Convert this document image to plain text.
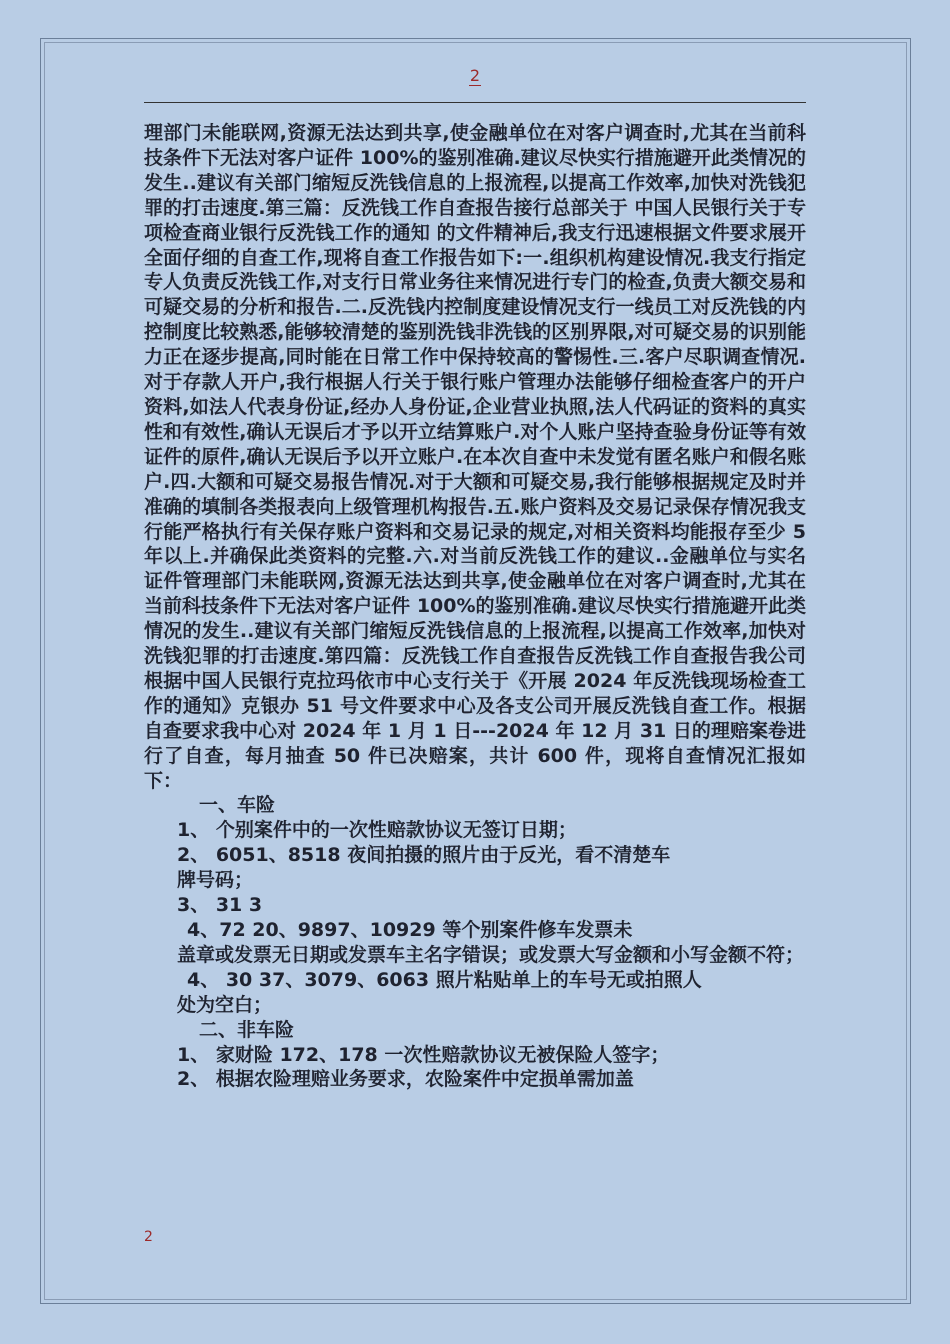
2

理部门未能联网,资源无法达到共享,使金融单位在对客户调查时,尤其在当前科技条件下无法对客户证件 100%的鉴别准确.建议尽快实行措施避开此类情况的发生..建议有关部门缩短反洗钱信息的上报流程,以提高工作效率,加快对洗钱犯罪的打击速度.第三篇：反洗钱工作自查报告接行总部关于 中国人民银行关于专项检查商业银行反洗钱工作的通知 的文件精神后,我支行迅速根据文件要求展开全面仔细的自查工作,现将自查工作报告如下:一.组织机构建设情况.我支行指定专人负责反洗钱工作,对支行日常业务往来情况进行专门的检查,负责大额交易和可疑交易的分析和报告.二.反洗钱内控制度建设情况支行一线员工对反洗钱的内控制度比较熟悉,能够较清楚的鉴别洗钱非洗钱的区别界限,对可疑交易的识别能力正在逐步提高,同时能在日常工作中保持较高的警惕性.三.客户尽职调查情况.对于存款人开户,我行根据人行关于银行账户管理办法能够仔细检查客户的开户资料,如法人代表身份证,经办人身份证,企业营业执照,法人代码证的资料的真实性和有效性,确认无误后才予以开立结算账户.对个人账户坚持查验身份证等有效证件的原件,确认无误后予以开立账户.在本次自查中未发觉有匿名账户和假名账户.四.大额和可疑交易报告情况.对于大额和可疑交易,我行能够根据规定及时并准确的填制各类报表向上级管理机构报告.五.账户资料及交易记录保存情况我支行能严格执行有关保存账户资料和交易记录的规定,对相关资料均能报存至少 5 年以上.并确保此类资料的完整.六.对当前反洗钱工作的建议..金融单位与实名证件管理部门未能联网,资源无法达到共享,使金融单位在对客户调查时,尤其在当前科技条件下无法对客户证件 100%的鉴别准确.建议尽快实行措施避开此类情况的发生..建议有关部门缩短反洗钱信息的上报流程,以提高工作效率,加快对洗钱犯罪的打击速度.第四篇：反洗钱工作自查报告反洗钱工作自查报告我公司根据中国人民银行克拉玛依市中心支行关于《开展 2024 年反洗钱现场检查工作的通知》克银办 51 号文件要求中心及各支公司开展反洗钱自查工作。根据自查要求我中心对 2024 年 1 月 1 日---2024 年 12 月 31 日的理赔案卷进行了自查，每月抽查 50 件已决赔案，共计 600 件，现将自查情况汇报如下：

一、车险

1、 个别案件中的一次性赔款协议无签订日期；

2、 6051、8518 夜间拍摄的照片由于反光，看不清楚车

牌号码；

3、 31 3

4、72 20、9897、10929 等个别案件修车发票未

盖章或发票无日期或发票车主名字错误；或发票大写金额和小写金额不符；

4、 30 37、3079、6063 照片粘贴单上的车号无或拍照人

处为空白；

二、非车险

1、 家财险 172、178 一次性赔款协议无被保险人签字；

2、 根据农险理赔业务要求，农险案件中定损单需加盖

2
